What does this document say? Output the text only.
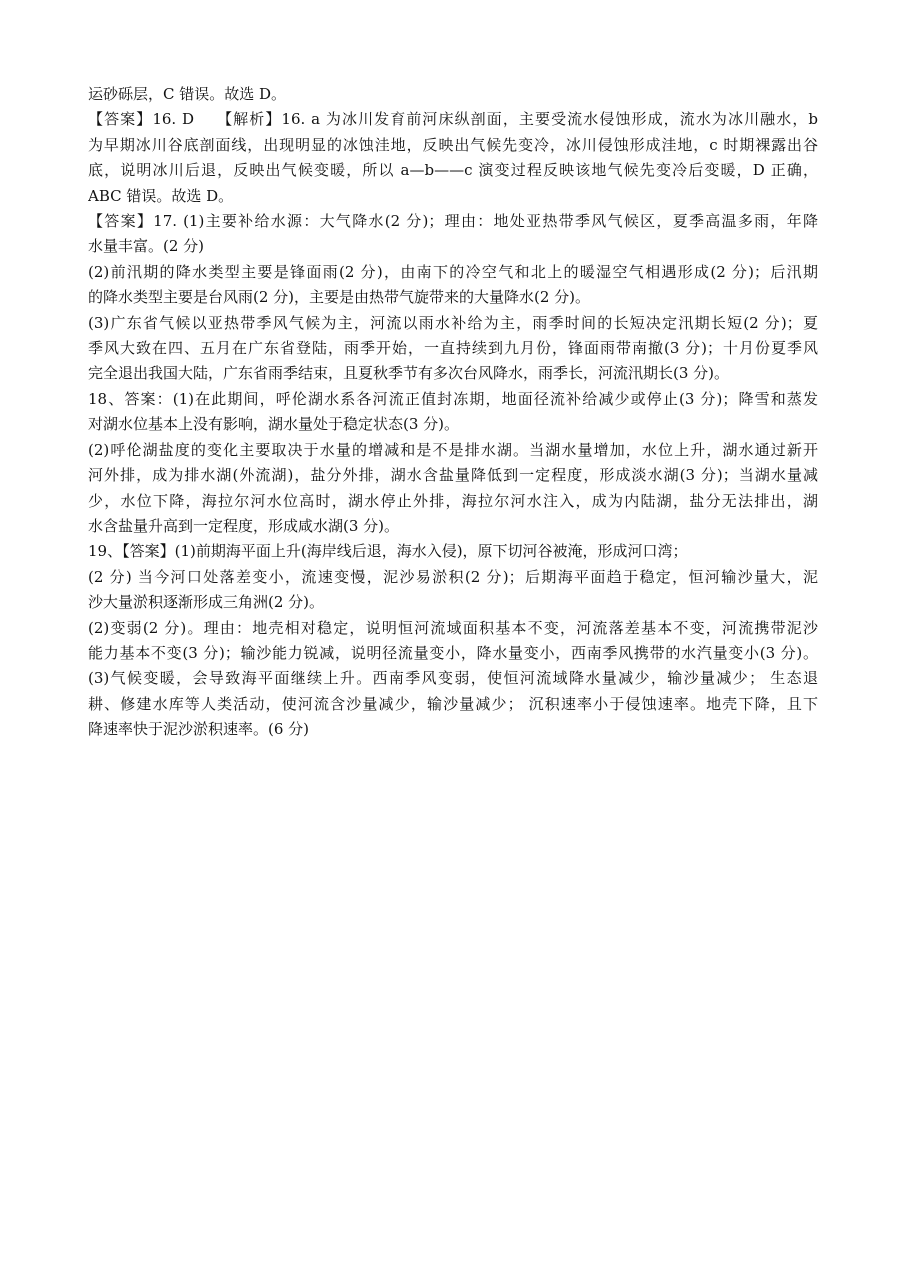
运砂砾层，C 错误。故选 D。
【答案】16. D　 【解析】16. a 为冰川发育前河床纵剖面，主要受流水侵蚀形成，流水为冰川融水，b
为早期冰川谷底剖面线，出现明显的冰蚀洼地，反映出气候先变冷，冰川侵蚀形成洼地，c 时期裸露出谷
底，说明冰川后退，反映出气候变暖，所以 a—b——c 演变过程反映该地气候先变冷后变暖，D 正确，
ABC 错误。故选 D。
【答案】17. (1)主要补给水源：大气降水(2 分)；理由：地处亚热带季风气候区，夏季高温多雨，年降
水量丰富。(2 分)
(2)前汛期的降水类型主要是锋面雨(2 分)，由南下的冷空气和北上的暖湿空气相遇形成(2 分)；后汛期
的降水类型主要是台风雨(2 分)，主要是由热带气旋带来的大量降水(2 分)。
(3)广东省气候以亚热带季风气候为主，河流以雨水补给为主，雨季时间的长短决定汛期长短(2 分)；夏
季风大致在四、五月在广东省登陆，雨季开始，一直持续到九月份，锋面雨带南撤(3 分)；十月份夏季风
完全退出我国大陆，广东省雨季结束，且夏秋季节有多次台风降水，雨季长，河流汛期长(3 分)。
18、答案：(1)在此期间，呼伦湖水系各河流正值封冻期，地面径流补给减少或停止(3 分)；降雪和蒸发
对湖水位基本上没有影响，湖水量处于稳定状态(3 分)。
(2)呼伦湖盐度的变化主要取决于水量的增减和是不是排水湖。当湖水量增加，水位上升，湖水通过新开
河外排，成为排水湖(外流湖)，盐分外排，湖水含盐量降低到一定程度，形成淡水湖(3 分)；当湖水量减
少，水位下降，海拉尔河水位高时，湖水停止外排，海拉尔河水注入，成为内陆湖，盐分无法排出，湖
水含盐量升高到一定程度，形成咸水湖(3 分)。
19、【答案】(1)前期海平面上升(海岸线后退，海水入侵)，原下切河谷被淹，形成河口湾；
(2 分) 当今河口处落差变小，流速变慢，泥沙易淤积(2 分)；后期海平面趋于稳定，恒河输沙量大，泥
沙大量淤积逐渐形成三角洲(2 分)。
(2)变弱(2 分)。理由：地壳相对稳定，说明恒河流域面积基本不变，河流落差基本不变，河流携带泥沙
能力基本不变(3 分)；输沙能力锐减，说明径流量变小，降水量变小，西南季风携带的水汽量变小(3 分)。
(3)气候变暖，会导致海平面继续上升。西南季风变弱，使恒河流域降水量减少，输沙量减少； 生态退
耕、修建水库等人类活动，使河流含沙量减少，输沙量减少； 沉积速率小于侵蚀速率。地壳下降，且下
降速率快于泥沙淤积速率。(6 分)
